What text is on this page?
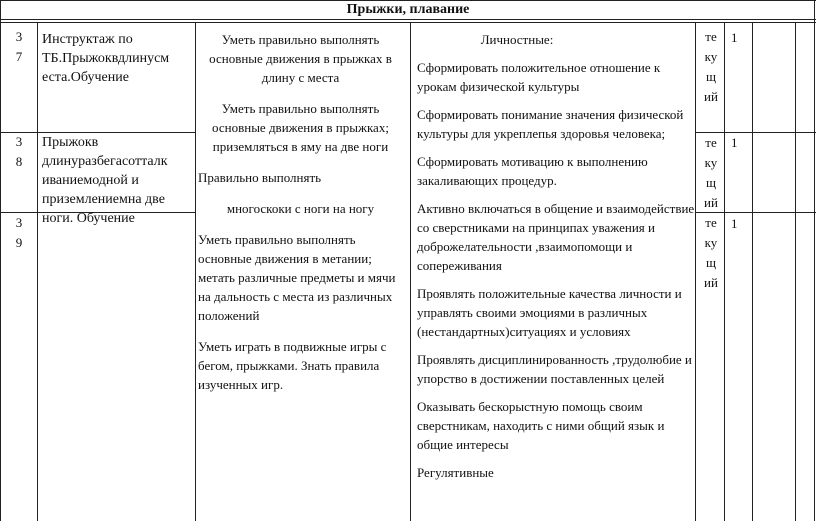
Прыжки, плавание
3
7
3
8
3
9
Инструктаж по ТБ.Прыжоквдлинусм еста.Обучение
Прыжокв длинуразбегасотталк иваниемодной и приземлениемна две ноги. Обучение

Уметь правильно выполнять основные движения в прыжках в длину с места

Уметь правильно выполнять основные движения в прыжках; приземляться в яму на две ноги

Правильно выполнять

многоскоки с ноги на ногу

Уметь правильно выполнять основные движения в метании; метать различные предметы и мячи на дальность с места из различных положений

Уметь играть в подвижные игры с бегом, прыжками. Знать правила изученных игр.

Личностные:

Сформировать положительное отношение к урокам физической культуры

Сформировать понимание значения физической культуры для укреплепья здоровья человека;

Сформировать мотивацию к выполнению закаливающих процедур.

Активно включаться в общение и взаимодействие со сверстниками на принципах уважения и доброжелательности ,взаимопомощи и сопереживания

Проявлять положительные качества личности и управлять своими эмоциями в различных (нестандартных)ситуациях и условиях

Проявлять дисциплинированность ,трудолюбие и упорство в достижении поставленных целей

Оказывать бескорыстную помощь своим сверстникам, находить с ними общий язык и общие интересы

Регулятивные

те
ку
щ
ий
те
ку
щ
ий
те
ку
щ
ий
1
1
1
